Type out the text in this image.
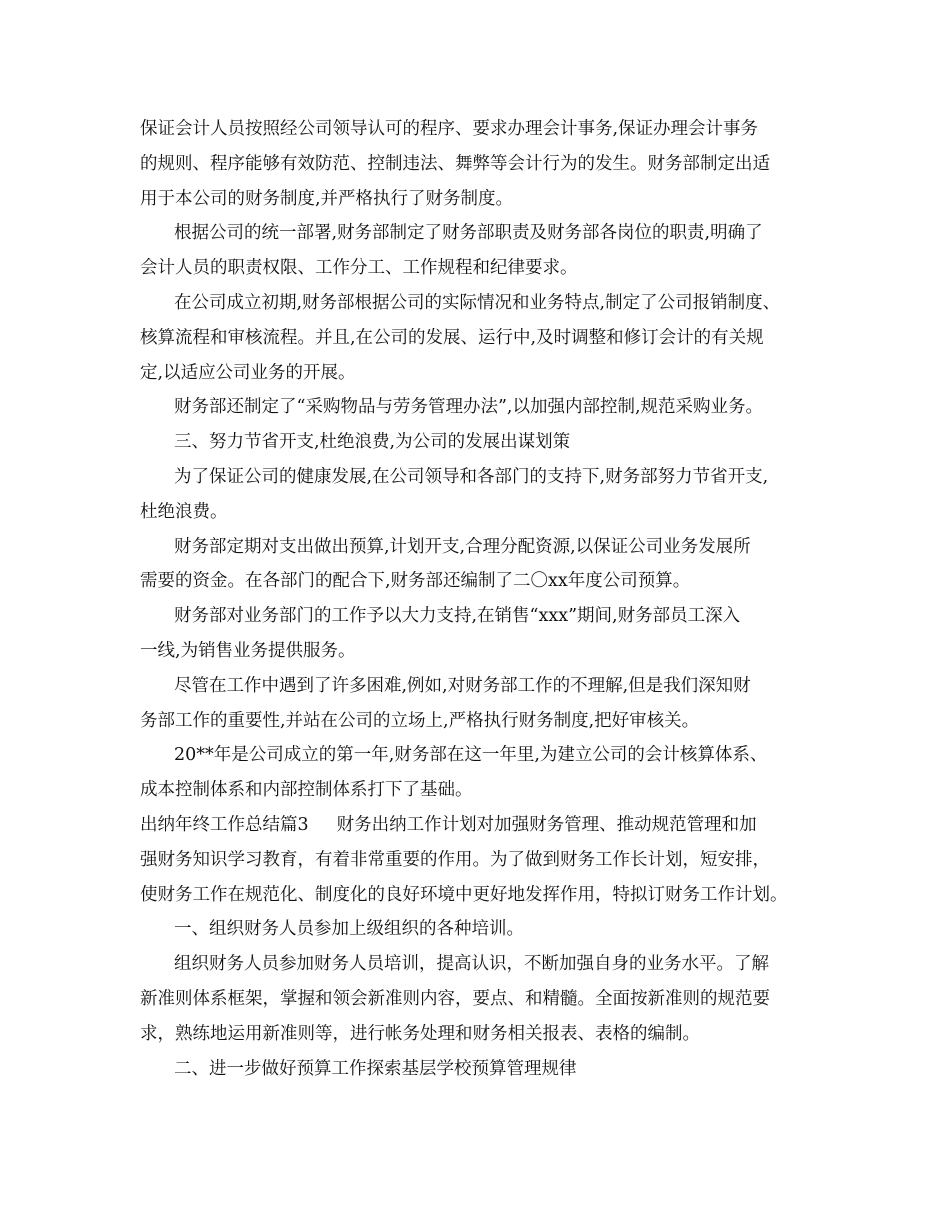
保证会计人员按照经公司领导认可的程序、要求办理会计事务,保证办理会计事务
的规则、程序能够有效防范、控制违法、舞弊等会计行为的发生。财务部制定出适
用于本公司的财务制度,并严格执行了财务制度。
根据公司的统一部署,财务部制定了财务部职责及财务部各岗位的职责,明确了
会计人员的职责权限、工作分工、工作规程和纪律要求。
在公司成立初期,财务部根据公司的实际情况和业务特点,制定了公司报销制度、
核算流程和审核流程。并且,在公司的发展、运行中,及时调整和修订会计的有关规
定,以适应公司业务的开展。
财务部还制定了“采购物品与劳务管理办法”,以加强内部控制,规范采购业务。
三、努力节省开支,杜绝浪费,为公司的发展出谋划策
为了保证公司的健康发展,在公司领导和各部门的支持下,财务部努力节省开支,
杜绝浪费。
财务部定期对支出做出预算,计划开支,合理分配资源,以保证公司业务发展所
需要的资金。在各部门的配合下,财务部还编制了二〇xx年度公司预算。
财务部对业务部门的工作予以大力支持,在销售“xxx”期间,财务部员工深入
一线,为销售业务提供服务。
尽管在工作中遇到了许多困难,例如,对财务部工作的不理解,但是我们深知财
务部工作的重要性,并站在公司的立场上,严格执行财务制度,把好审核关。
20**年是公司成立的第一年,财务部在这一年里,为建立公司的会计核算体系、
成本控制体系和内部控制体系打下了基础。
出纳年终工作总结篇3 财务出纳工作计划对加强财务管理、推动规范管理和加
强财务知识学习教育，有着非常重要的作用。为了做到财务工作长计划，短安排，
使财务工作在规范化、制度化的良好环境中更好地发挥作用，特拟订财务工作计划。
一、组织财务人员参加上级组织的各种培训。
组织财务人员参加财务人员培训，提高认识，不断加强自身的业务水平。了解
新准则体系框架，掌握和领会新准则内容，要点、和精髓。全面按新准则的规范要
求，熟练地运用新准则等，进行帐务处理和财务相关报表、表格的编制。
二、进一步做好预算工作探索基层学校预算管理规律
